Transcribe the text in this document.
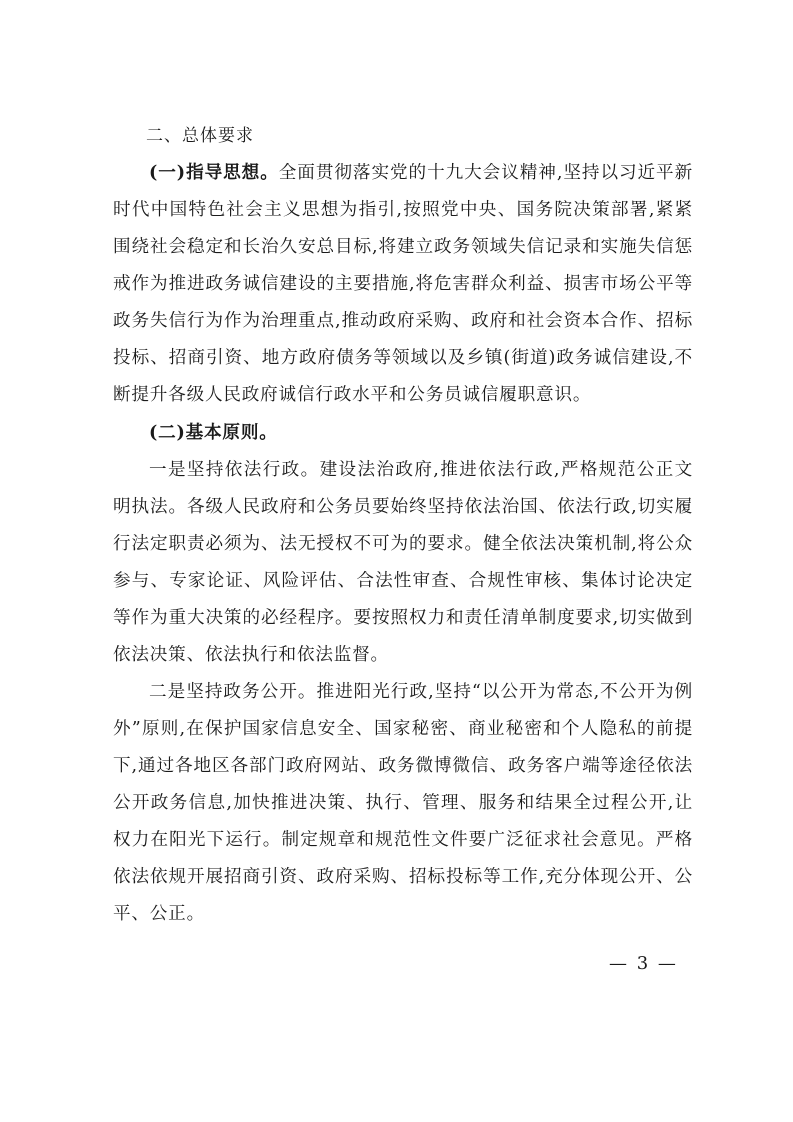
二、总体要求

(一)指导思想。全面贯彻落实党的十九大会议精神,坚持以习近平新时代中国特色社会主义思想为指引,按照党中央、国务院决策部署,紧紧围绕社会稳定和长治久安总目标,将建立政务领域失信记录和实施失信惩戒作为推进政务诚信建设的主要措施,将危害群众利益、损害市场公平等政务失信行为作为治理重点,推动政府采购、政府和社会资本合作、招标投标、招商引资、地方政府债务等领域以及乡镇(街道)政务诚信建设,不断提升各级人民政府诚信行政水平和公务员诚信履职意识。

(二)基本原则。

一是坚持依法行政。建设法治政府,推进依法行政,严格规范公正文明执法。各级人民政府和公务员要始终坚持依法治国、依法行政,切实履行法定职责必须为、法无授权不可为的要求。健全依法决策机制,将公众参与、专家论证、风险评估、合法性审查、合规性审核、集体讨论决定等作为重大决策的必经程序。要按照权力和责任清单制度要求,切实做到依法决策、依法执行和依法监督。

二是坚持政务公开。推进阳光行政,坚持“以公开为常态,不公开为例外”原则,在保护国家信息安全、国家秘密、商业秘密和个人隐私的前提下,通过各地区各部门政府网站、政务微博微信、政务客户端等途径依法公开政务信息,加快推进决策、执行、管理、服务和结果全过程公开,让权力在阳光下运行。制定规章和规范性文件要广泛征求社会意见。严格依法依规开展招商引资、政府采购、招标投标等工作,充分体现公开、公平、公正。

— 3 —
